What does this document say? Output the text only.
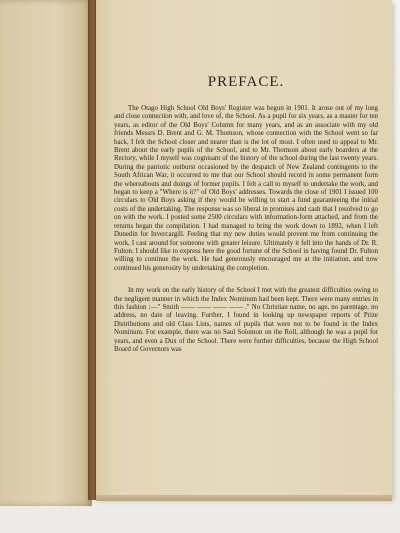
PREFACE.

The Otago High School Old Boys' Register was begun in 1901. It arose out of my long and close connection with, and love of, the School. As a pupil for six years, as a master for ten years, as editor of the Old Boys' Column for many years, and as an associate with my old friends Messrs D. Brent and G. M. Thomson, whose connection with the School went so far back, I felt the School closer and nearer than is the lot of most. I often used to appeal to Mr. Brent about the early pupils of the School, and to Mr. Thomson about early boarders at the Rectory, while I myself was cognisant of the history of the school during the last twenty years. During the patriotic outburst occasioned by the despatch of New Zealand contingents to the South African War, it occurred to me that our School should record in some permanent form the whereabouts and doings of former pupils. I felt a call to myself to undertake the work, and began to keep a "Where is it?" of Old Boys' addresses. Towards the close of 1901 I issued 100 circulars to Old Boys asking if they would be willing to start a fund guaranteeing the initial costs of the undertaking. The response was so liberal in promises and cash that I resolved to go on with the work. I posted some 2500 circulars with information-form attached, and from the returns began the compilation. I had managed to bring the work down to 1892, when I left Dunedin for Invercargill. Feeling that my new duties would prevent me from continuing the work, I cast around for someone with greater leisure. Ultimately it fell into the hands of Dr. R. Fulton. I should like to express here the good fortune of the School in having found Dr. Fulton willing to continue the work. He had generously encouraged me at the initiation, and now continued his generosity by undertaking the completion.

In my work on the early history of the School I met with the greatest difficulties owing to the negligent manner in which the Index Nominum had been kept. There were many entries in this fashion :—" Smith —— —— —— —— ." No Christian name, no age, no parentage, no address, no date of leaving. Further, I found in looking up newspaper reports of Prize Distributions and old Class Lists, names of pupils that were not to be found in the Index Nominum. For example, there was no Saul Solomon on the Roll, although he was a pupil for years, and even a Dux of the School. There were further difficulties, because the High School Board of Governors was
